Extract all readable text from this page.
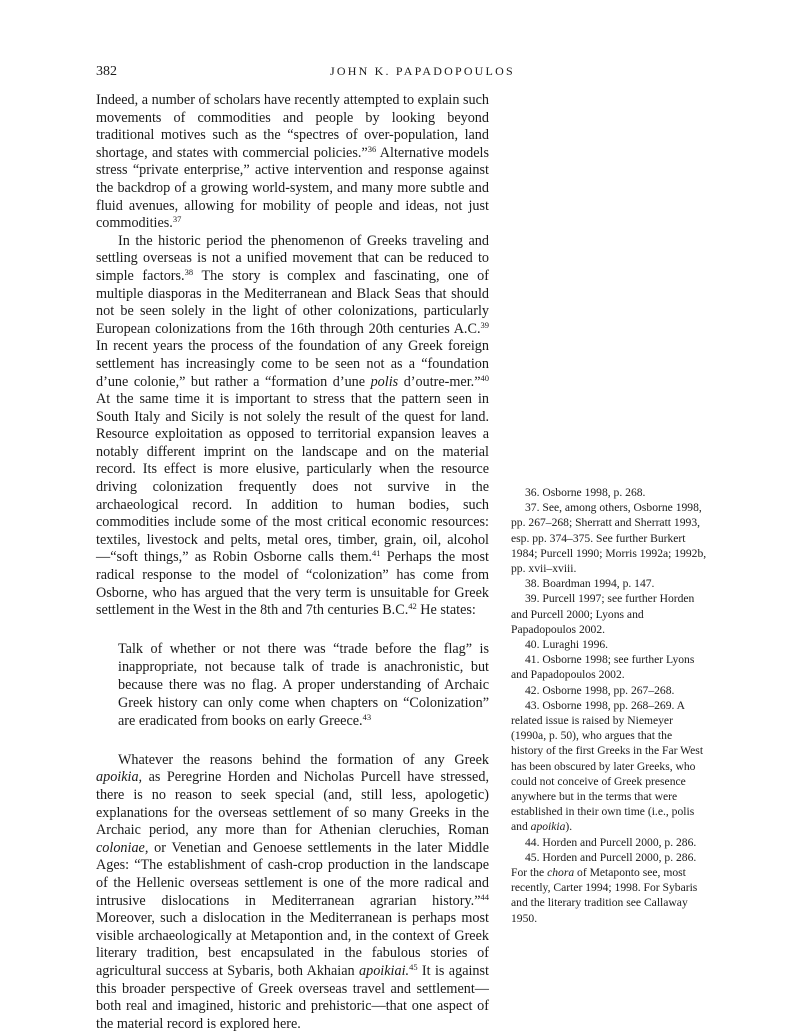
382	JOHN K. PAPADOPOULOS

Indeed, a number of scholars have recently attempted to explain such movements of commodities and people by looking beyond traditional motives such as the “spectres of over-population, land shortage, and states with commercial policies.”$^{36}$ Alternative models stress “private enterprise,” active intervention and response against the backdrop of a growing world-system, and many more subtle and fluid avenues, allowing for mobility of people and ideas, not just commodities.$^{37}$

In the historic period the phenomenon of Greeks traveling and settling overseas is not a unified movement that can be reduced to simple factors.$^{38}$ The story is complex and fascinating, one of multiple diasporas in the Mediterranean and Black Seas that should not be seen solely in the light of other colonizations, particularly European colonizations from the 16th through 20th centuries A.C.$^{39}$ In recent years the process of the foundation of any Greek foreign settlement has increasingly come to be seen not as a “foundation d’une colonie,” but rather a “formation d’une polis d’outre-mer.”$^{40}$ At the same time it is important to stress that the pattern seen in South Italy and Sicily is not solely the result of the quest for land. Resource exploitation as opposed to territorial expansion leaves a notably different imprint on the landscape and on the material record. Its effect is more elusive, particularly when the resource driving colonization frequently does not survive in the archaeological record. In addition to human bodies, such commodities include some of the most critical economic resources: textiles, livestock and pelts, metal ores, timber, grain, oil, alcohol—“soft things,” as Robin Osborne calls them.$^{41}$ Perhaps the most radical response to the model of “colonization” has come from Osborne, who has argued that the very term is unsuitable for Greek settlement in the West in the 8th and 7th centuries B.C.$^{42}$ He states:

Talk of whether or not there was “trade before the flag” is inappropriate, not because talk of trade is anachronistic, but because there was no flag. A proper understanding of Archaic Greek history can only come when chapters on “Colonization” are eradicated from books on early Greece.$^{43}$

Whatever the reasons behind the formation of any Greek apoikia, as Peregrine Horden and Nicholas Purcell have stressed, there is no reason to seek special (and, still less, apologetic) explanations for the overseas settlement of so many Greeks in the Archaic period, any more than for Athenian cleruchies, Roman coloniae, or Venetian and Genoese settlements in the later Middle Ages: “The establishment of cash-crop production in the landscape of the Hellenic overseas settlement is one of the more radical and intrusive dislocations in Mediterranean agrarian history.”$^{44}$ Moreover, such a dislocation in the Mediterranean is perhaps most visible archaeologically at Metapontion and, in the context of Greek literary tradition, best encapsulated in the fabulous stories of agricultural success at Sybaris, both Akhaian apoikiai.$^{45}$ It is against this broader perspective of Greek overseas travel and settlement—both real and imagined, historic and prehistoric—that one aspect of the material record is explored here.

36. Osborne 1998, p. 268.

37. See, among others, Osborne 1998, pp. 267–268; Sherratt and Sherratt 1993, esp. pp. 374–375. See further Burkert 1984; Purcell 1990; Morris 1992a; 1992b, pp. xvii–xviii.

38. Boardman 1994, p. 147.

39. Purcell 1997; see further Horden and Purcell 2000; Lyons and Papadopoulos 2002.

40. Luraghi 1996.

41. Osborne 1998; see further Lyons and Papadopoulos 2002.

42. Osborne 1998, pp. 267–268.

43. Osborne 1998, pp. 268–269. A related issue is raised by Niemeyer (1990a, p. 50), who argues that the history of the first Greeks in the Far West has been obscured by later Greeks, who could not conceive of Greek presence anywhere but in the terms that were established in their own time (i.e., polis and apoikia).

44. Horden and Purcell 2000, p. 286.

45. Horden and Purcell 2000, p. 286. For the chora of Metaponto see, most recently, Carter 1994; 1998. For Sybaris and the literary tradition see Callaway 1950.
